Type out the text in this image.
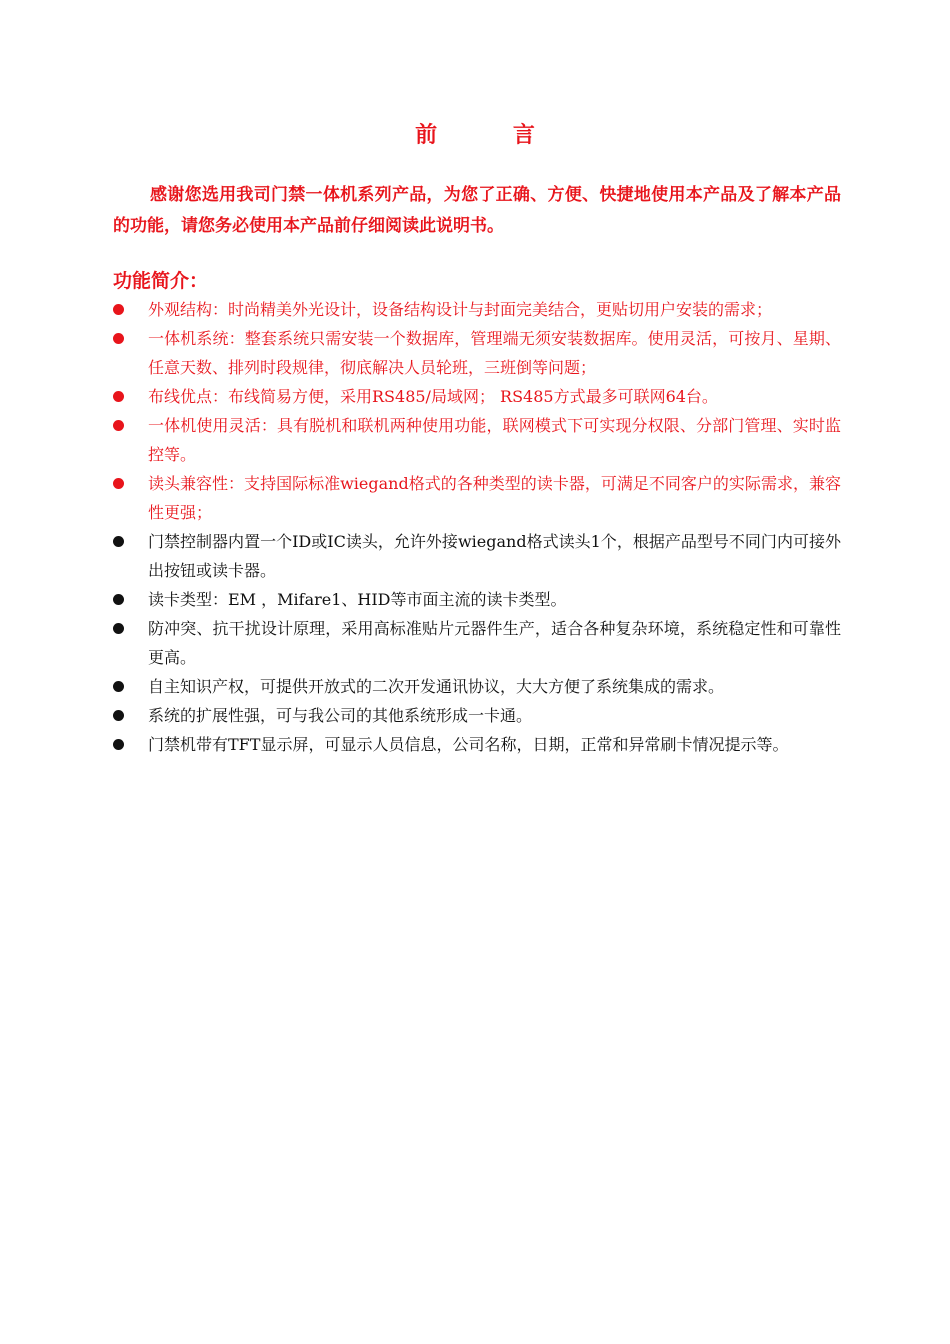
前 言
感谢您选用我司门禁一体机系列产品，为您了正确、方便、快捷地使用本产品及了解本产品的功能，请您务必使用本产品前仔细阅读此说明书。
功能简介：
外观结构：时尚精美外光设计，设备结构设计与封面完美结合，更贴切用户安装的需求；
一体机系统：整套系统只需安装一个数据库，管理端无须安装数据库。使用灵活，可按月、星期、任意天数、排列时段规律，彻底解决人员轮班，三班倒等问题；
布线优点：布线简易方便，采用RS485/局域网； RS485方式最多可联网64台。
一体机使用灵活：具有脱机和联机两种使用功能，联网模式下可实现分权限、分部门管理、实时监控等。
读头兼容性：支持国际标准wiegand格式的各种类型的读卡器，可满足不同客户的实际需求，兼容性更强；
门禁控制器内置一个ID或IC读头，允许外接wiegand格式读头1个，根据产品型号不同门内可接外出按钮或读卡器。
读卡类型：EM ，Mifare1、HID等市面主流的读卡类型。
防冲突、抗干扰设计原理，采用高标准贴片元器件生产，适合各种复杂环境，系统稳定性和可靠性更高。
自主知识产权，可提供开放式的二次开发通讯协议，大大方便了系统集成的需求。
系统的扩展性强，可与我公司的其他系统形成一卡通。
门禁机带有TFT显示屏，可显示人员信息，公司名称，日期，正常和异常刷卡情况提示等。
